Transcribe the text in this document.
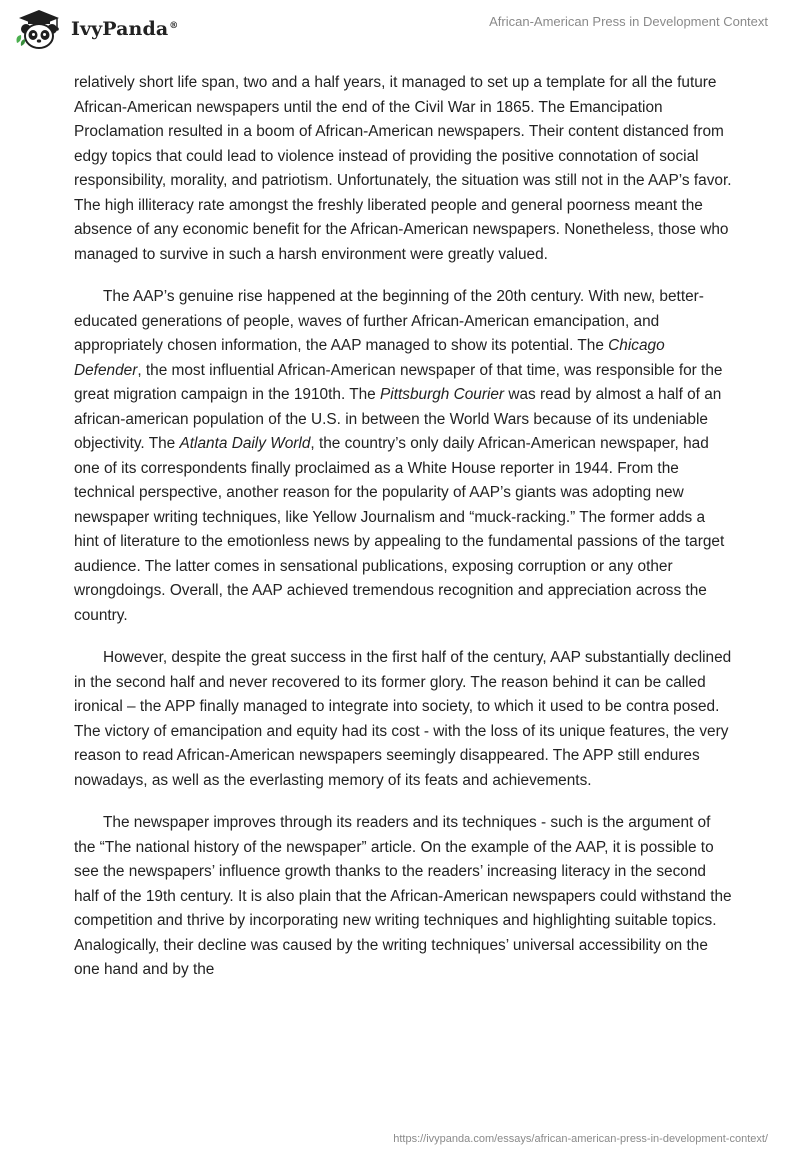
IvyPanda®	African-American Press in Development Context

relatively short life span, two and a half years, it managed to set up a template for all the future African-American newspapers until the end of the Civil War in 1865. The Emancipation Proclamation resulted in a boom of African-American newspapers. Their content distanced from edgy topics that could lead to violence instead of providing the positive connotation of social responsibility, morality, and patriotism. Unfortunately, the situation was still not in the AAP’s favor. The high illiteracy rate amongst the freshly liberated people and general poorness meant the absence of any economic benefit for the African-American newspapers. Nonetheless, those who managed to survive in such a harsh environment were greatly valued.

The AAP’s genuine rise happened at the beginning of the 20th century. With new, better-educated generations of people, waves of further African-American emancipation, and appropriately chosen information, the AAP managed to show its potential. The Chicago Defender, the most influential African-American newspaper of that time, was responsible for the great migration campaign in the 1910th. The Pittsburgh Courier was read by almost a half of an african-american population of the U.S. in between the World Wars because of its undeniable objectivity. The Atlanta Daily World, the country’s only daily African-American newspaper, had one of its correspondents finally proclaimed as a White House reporter in 1944. From the technical perspective, another reason for the popularity of AAP’s giants was adopting new newspaper writing techniques, like Yellow Journalism and “muck-racking.” The former adds a hint of literature to the emotionless news by appealing to the fundamental passions of the target audience. The latter comes in sensational publications, exposing corruption or any other wrongdoings. Overall, the AAP achieved tremendous recognition and appreciation across the country.

However, despite the great success in the first half of the century, AAP substantially declined in the second half and never recovered to its former glory. The reason behind it can be called ironical – the APP finally managed to integrate into society, to which it used to be contra posed. The victory of emancipation and equity had its cost - with the loss of its unique features, the very reason to read African-American newspapers seemingly disappeared. The APP still endures nowadays, as well as the everlasting memory of its feats and achievements.

The newspaper improves through its readers and its techniques - such is the argument of the “The national history of the newspaper” article. On the example of the AAP, it is possible to see the newspapers’ influence growth thanks to the readers’ increasing literacy in the second half of the 19th century. It is also plain that the African-American newspapers could withstand the competition and thrive by incorporating new writing techniques and highlighting suitable topics. Analogically, their decline was caused by the writing techniques’ universal accessibility on the one hand and by the

https://ivypanda.com/essays/african-american-press-in-development-context/
